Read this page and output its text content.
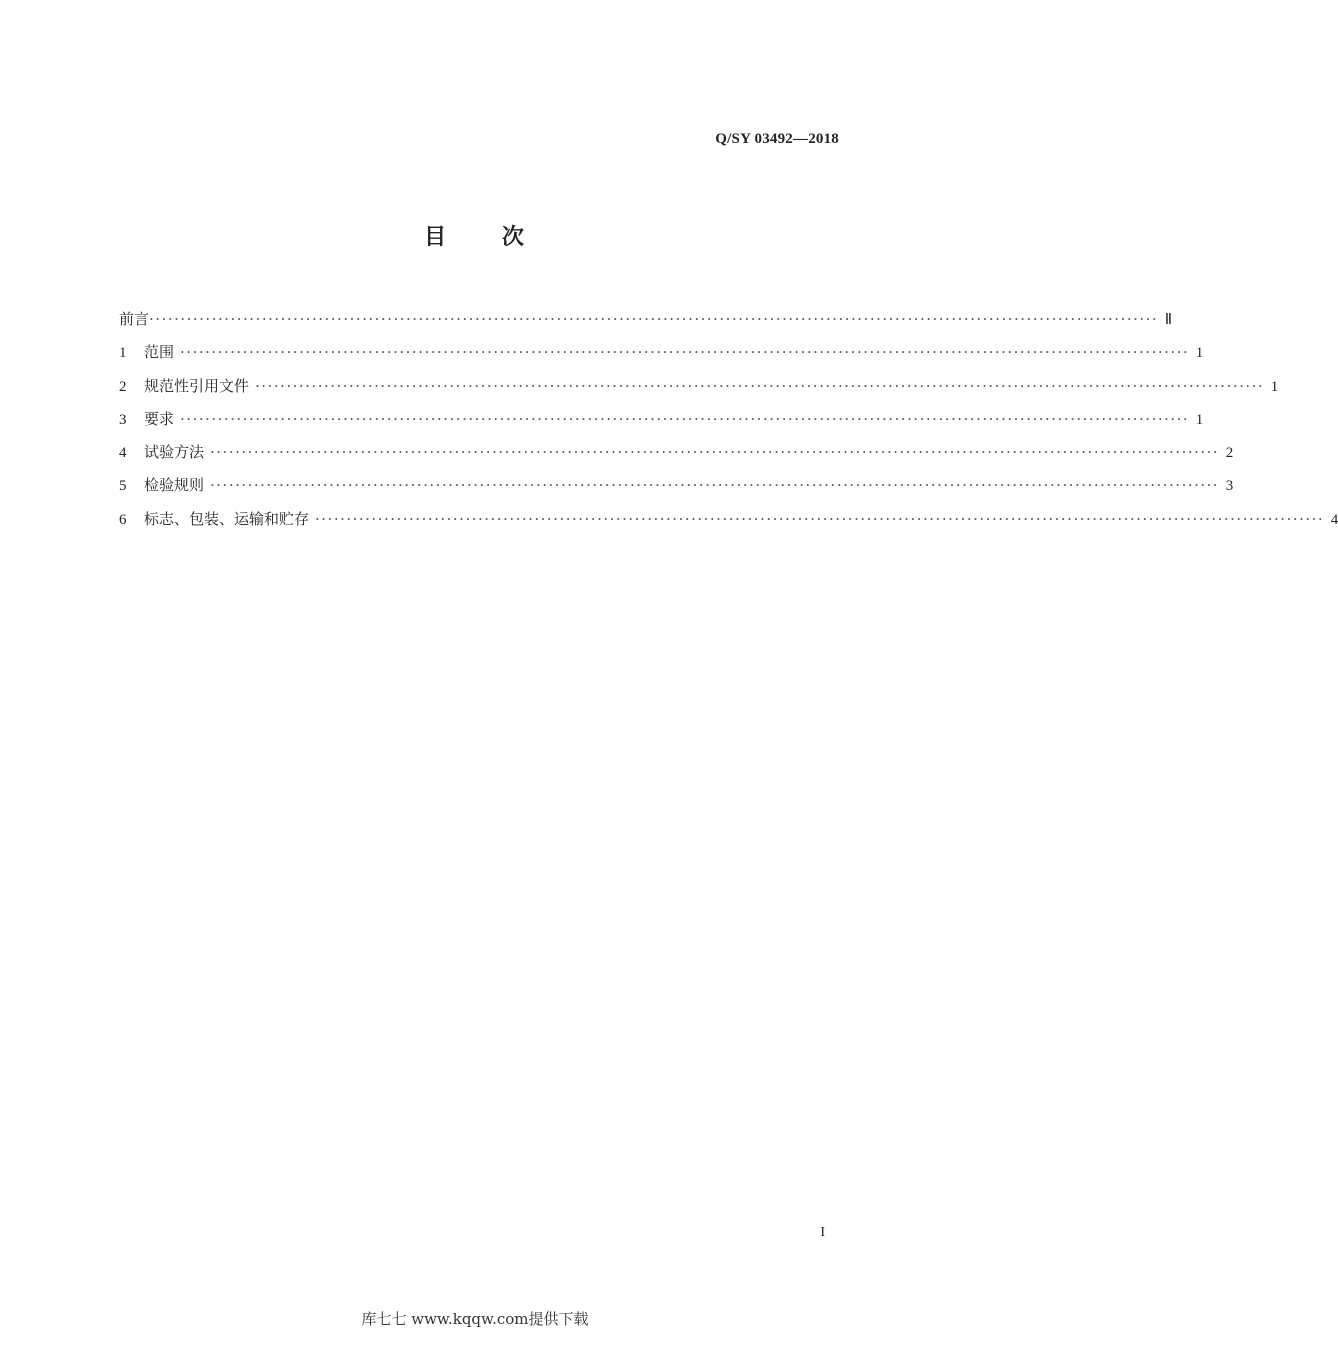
Q/SY 03492—2018
目 次
前言 ································································································································································· Ⅱ
1	范围 ································································································································································· 1
2	规范性引用文件 ································································································································································· 1
3	要求 ································································································································································· 1
4	试验方法 ································································································································································· 2
5	检验规则 ································································································································································· 3
6	标志、包装、运输和贮存 ································································································································································· 4
I
库七七 www.kqqw.com提供下载
